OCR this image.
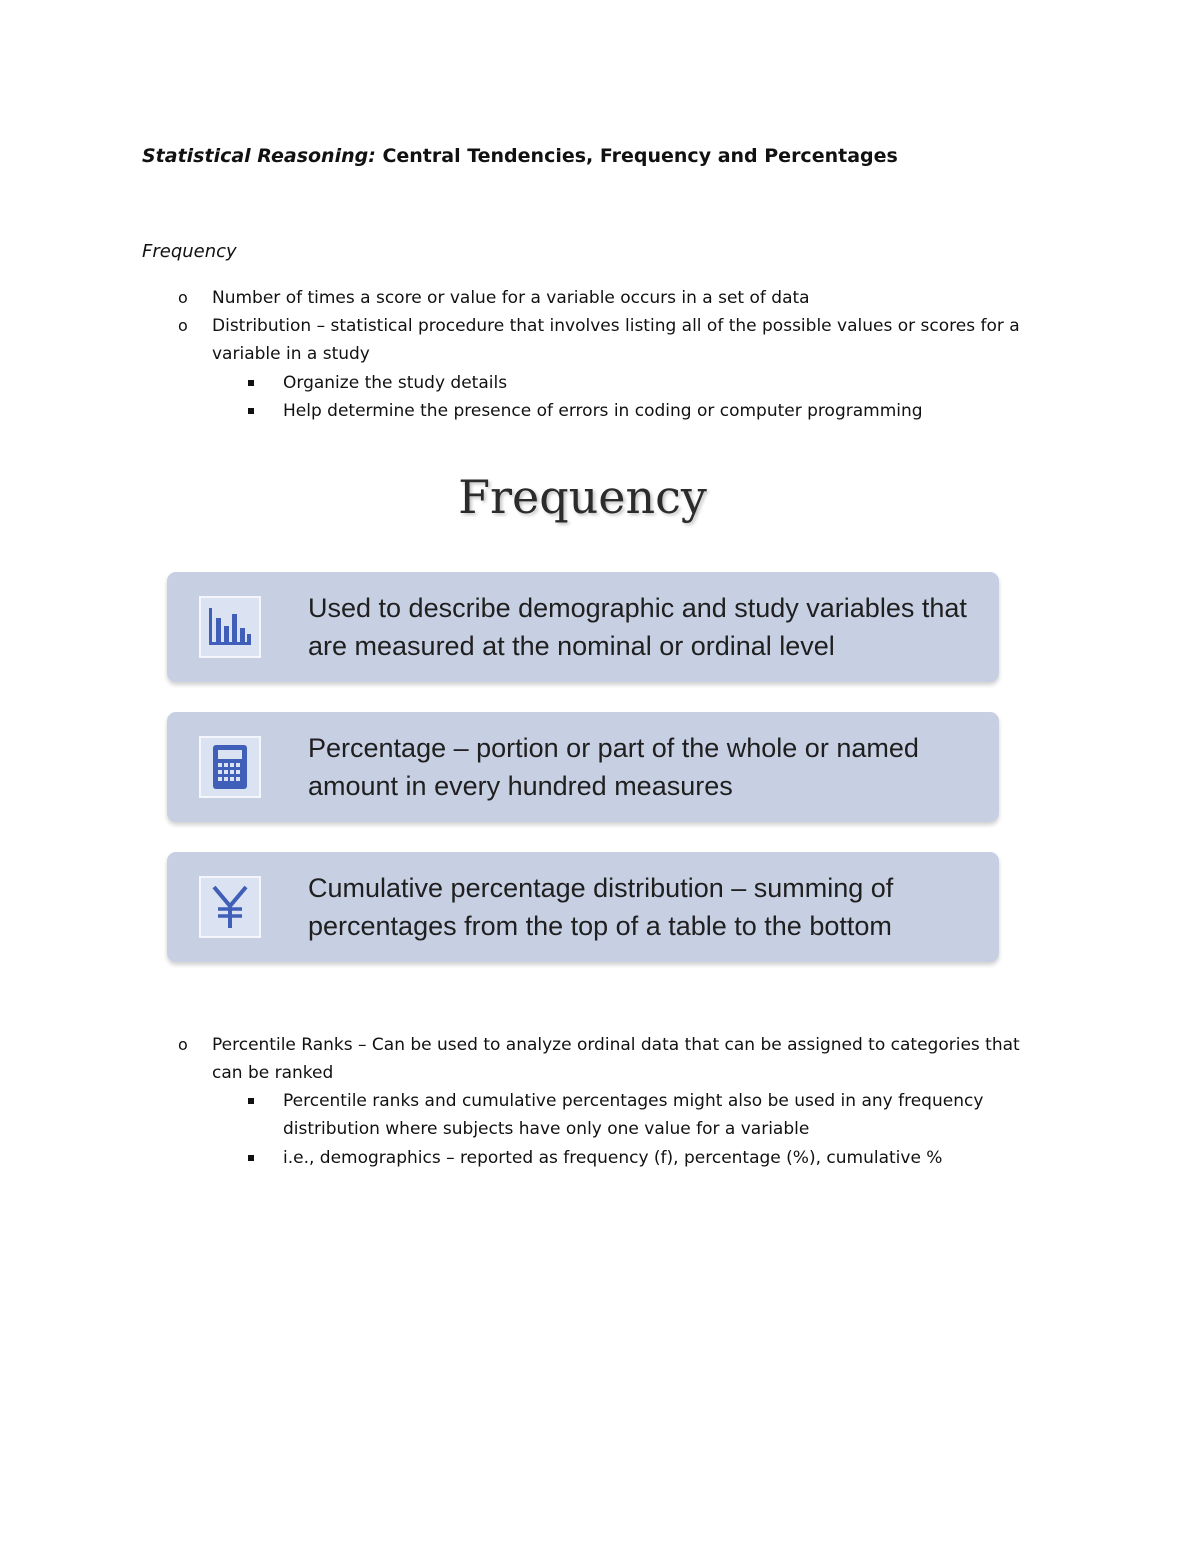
Statistical Reasoning: Central Tendencies, Frequency and Percentages
Frequency
o Number of times a score or value for a variable occurs in a set of data
o Distribution – statistical procedure that involves listing all of the possible values or scores for a variable in a study
Organize the study details
Help determine the presence of errors in coding or computer programming
Frequency
Used to describe demographic and study variables that are measured at the nominal or ordinal level
Percentage – portion or part of the whole or named amount in every hundred measures
Cumulative percentage distribution – summing of percentages from the top of a table to the bottom
o Percentile Ranks – Can be used to analyze ordinal data that can be assigned to categories that can be ranked
Percentile ranks and cumulative percentages might also be used in any frequency distribution where subjects have only one value for a variable
i.e., demographics – reported as frequency (f), percentage (%), cumulative %
